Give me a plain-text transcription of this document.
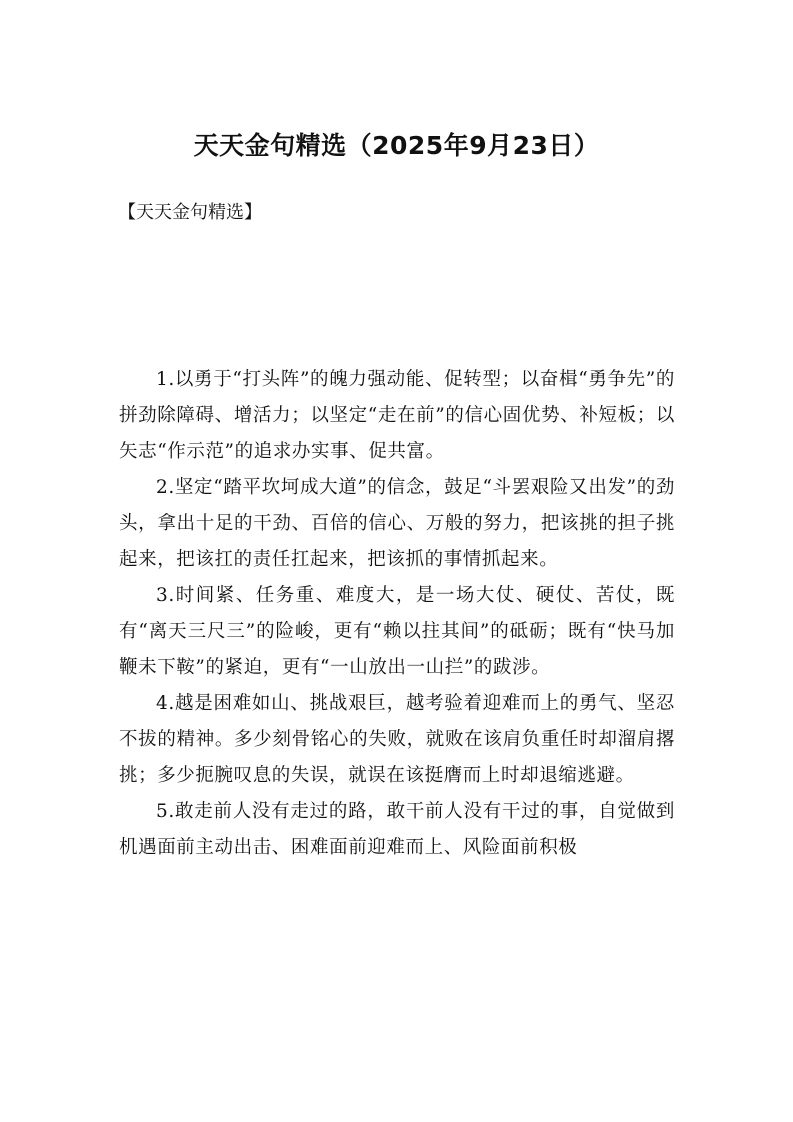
天天金句精选（2025年9月23日）
【天天金句精选】

1.以勇于“打头阵”的魄力强动能、促转型；以奋楫“勇争先”的拼劲除障碍、增活力；以坚定“走在前”的信心固优势、补短板；以矢志“作示范”的追求办实事、促共富。

2.坚定“踏平坎坷成大道”的信念，鼓足“斗罢艰险又出发”的劲头，拿出十足的干劲、百倍的信心、万般的努力，把该挑的担子挑起来，把该扛的责任扛起来，把该抓的事情抓起来。

3.时间紧、任务重、难度大，是一场大仗、硬仗、苦仗，既有“离天三尺三”的险峻，更有“赖以拄其间”的砥砺；既有“快马加鞭未下鞍”的紧迫，更有“一山放出一山拦”的跋涉。

4.越是困难如山、挑战艰巨，越考验着迎难而上的勇气、坚忍不拔的精神。多少刻骨铭心的失败，就败在该肩负重任时却溜肩撂挑；多少扼腕叹息的失误，就误在该挺膺而上时却退缩逃避。

5.敢走前人没有走过的路，敢干前人没有干过的事，自觉做到机遇面前主动出击、困难面前迎难而上、风险面前积极
